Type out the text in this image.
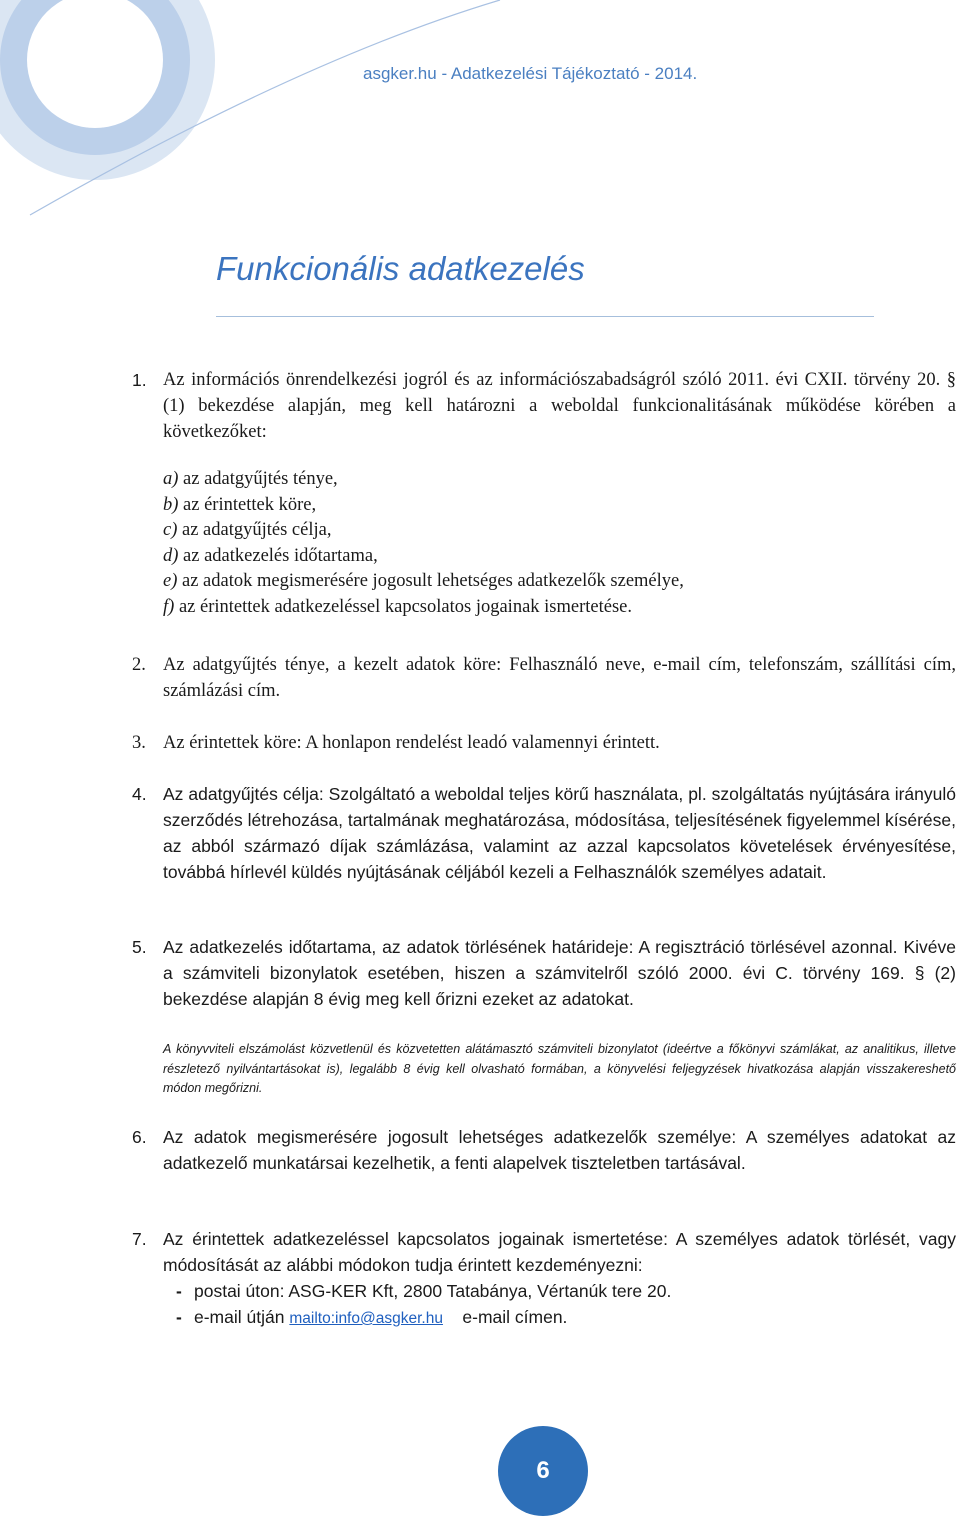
asgker.hu - Adatkezelési Tájékoztató - 2014.
Funkcionális adatkezelés
1. Az információs önrendelkezési jogról és az információszabadságról szóló 2011. évi CXII. törvény 20. § (1) bekezdése alapján, meg kell határozni a weboldal funkcionalitásának működése körében a következőket:
a) az adatgyűjtés ténye,
b) az érintettek köre,
c) az adatgyűjtés célja,
d) az adatkezelés időtartama,
e) az adatok megismerésére jogosult lehetséges adatkezelők személye,
f) az érintettek adatkezeléssel kapcsolatos jogainak ismertetése.
2. Az adatgyűjtés ténye, a kezelt adatok köre: Felhasználó neve, e-mail cím, telefonszám, szállítási cím, számlázási cím.
3. Az érintettek köre: A honlapon rendelést leadó valamennyi érintett.
4. Az adatgyűjtés célja: Szolgáltató a weboldal teljes körű használata, pl. szolgáltatás nyújtására irányuló szerződés létrehozása, tartalmának meghatározása, módosítása, teljesítésének figyelemmel kísérése, az abból származó díjak számlázása, valamint az azzal kapcsolatos követelések érvényesítése, továbbá hírlevél küldés nyújtásának céljából kezeli a Felhasználók személyes adatait.
5. Az adatkezelés időtartama, az adatok törlésének határideje: A regisztráció törlésével azonnal. Kivéve a számviteli bizonylatok esetében, hiszen a számvitelről szóló 2000. évi C. törvény 169. § (2) bekezdése alapján 8 évig meg kell őrizni ezeket az adatokat.
A könyvviteli elszámolást közvetlenül és közvetetten alátámasztó számviteli bizonylatot (ideértve a főkönyvi számlákat, az analitikus, illetve részletező nyilvántartásokat is), legalább 8 évig kell olvasható formában, a könyvelési feljegyzések hivatkozása alapján visszakereshető módon megőrizni.
6. Az adatok megismerésére jogosult lehetséges adatkezelők személye: A személyes adatokat az adatkezelő munkatársai kezelhetik, a fenti alapelvek tiszteletben tartásával.
7. Az érintettek adatkezeléssel kapcsolatos jogainak ismertetése: A személyes adatok törlését, vagy módosítását az alábbi módokon tudja érintett kezdeményezni:
- postai úton: ASG-KER Kft, 2800 Tatabánya, Vértanúk tere 20.
- e-mail útján mailto:info@asgker.hu e-mail címen.
6
